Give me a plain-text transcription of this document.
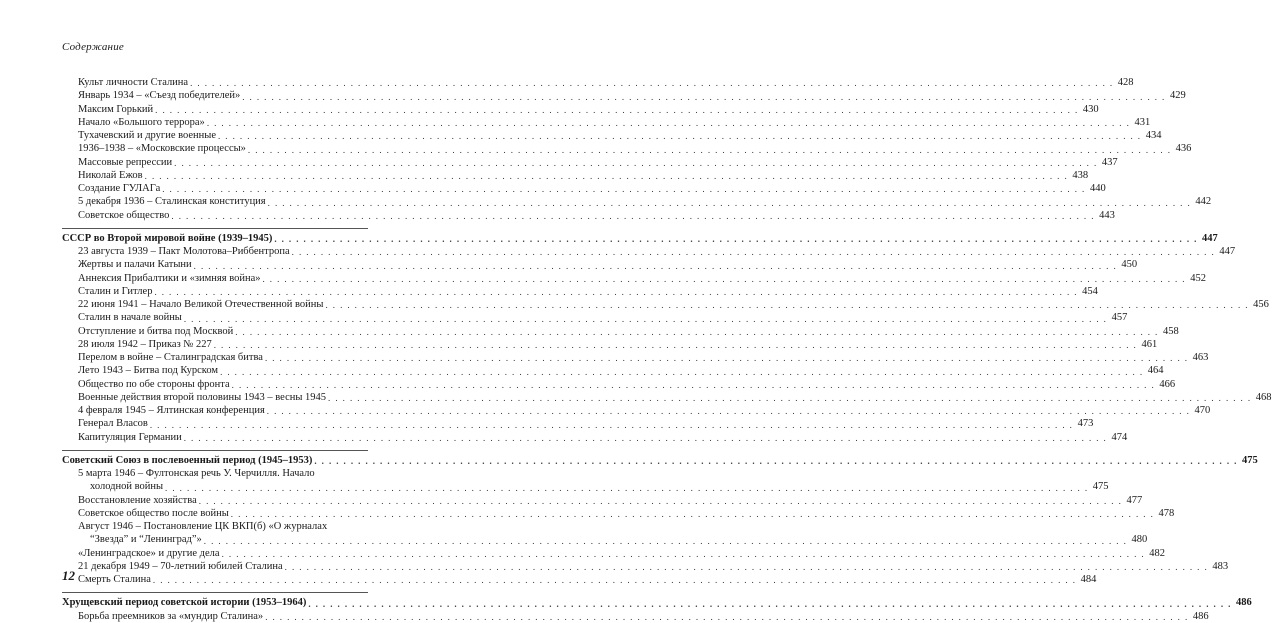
Содержание
Культ личности Сталина . . .	428
Январь 1934 – «Съезд победителей» . . .	429
Максим Горький . . .	430
Начало «Большого террора» . . .	431
Тухачевский и другие военные . . .	434
1936–1938 – «Московские процессы» . . .	436
Массовые репрессии . . .	437
Николай Ежов . . .	438
Создание ГУЛАГа . . .	440
5 декабря 1936 – Сталинская конституция . . .	442
Советское общество . . .	443
СССР во Второй мировой войне (1939–1945) . . .	447
23 августа 1939 – Пакт Молотова–Риббентропа . . .	447
Жертвы и палачи Катыни . . .	450
Аннексия Прибалтики и «зимняя война» . . .	452
Сталин и Гитлер . . .	454
22 июня 1941 – Начало Великой Отечественной войны . . .	456
Сталин в начале войны . . .	457
Отступление и битва под Москвой . . .	458
28 июля 1942 – Приказ № 227 . . .	461
Перелом в войне – Сталинградская битва . . .	463
Лето 1943 – Битва под Курском . . .	464
Общество по обе стороны фронта . . .	466
Военные действия второй половины 1943 – весны 1945 . . .	468
4 февраля 1945 – Ялтинская конференция . . .	470
Генерал Власов . . .	473
Капитуляция Германии . . .	474
Советский Союз в послевоенный период (1945–1953) . . .	475
5 марта 1946 – Фултонская речь У. Черчилля. Начало
холодной войны . . .	475
Восстановление хозяйства . . .	477
Советское общество после войны . . .	478
Август 1946 – Постановление ЦК ВКП(б) «О журналах
“Звезда” и “Ленинград”» . . .	480
«Ленинградское» и другие дела . . .	482
21 декабря 1949 – 70-летний юбилей Сталина . . .	483
Смерть Сталина . . .	484
Хрущевский период советской истории (1953–1964) . . .	486
Борьба преемников за «мундир Сталина» . . .	486
12
